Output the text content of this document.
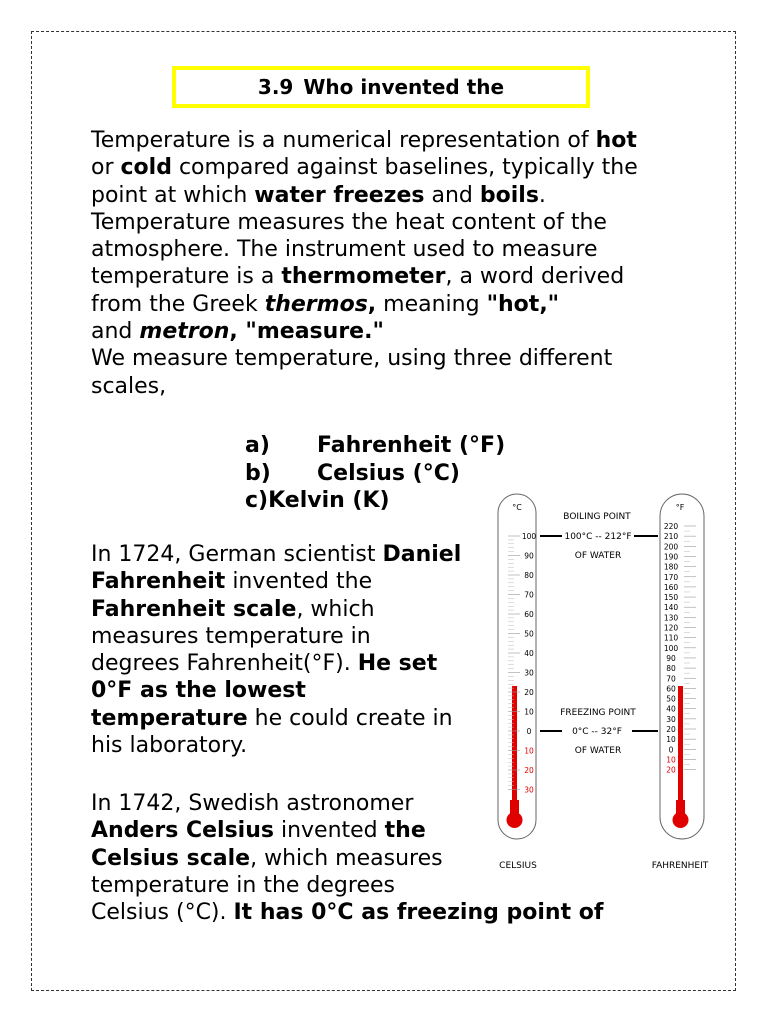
3.9 Who invented the
Temperature is a numerical representation of hot
or cold compared against baselines, typically the
point at which water freezes and boils.
Temperature measures the heat content of the
atmosphere. The instrument used to measure
temperature is a thermometer, a word derived
from the Greek thermos, meaning "hot,"
and metron, "measure."
We measure temperature, using three different
scales,
a)	Fahrenheit (°F)
b)	Celsius (°C)
c) Kelvin (K)
In 1724, German scientist Daniel
Fahrenheit invented the
Fahrenheit scale, which
measures temperature in
degrees Fahrenheit(°F). He set
0°F as the lowest
temperature he could create in
his laboratory.
In 1742, Swedish astronomer
Anders Celsius invented the
Celsius scale, which measures
temperature in the degrees
Celsius (°C). It has 0°C as freezing point of
°C
100
90
80
70
60
50
40
30
20
10
0
10
20
30
°F
220
210
200
190
180
170
160
150
140
130
120
110
100
90
80
70
60
50
40
30
20
10
0
10
20
BOILING POINT
100°C -- 212°F
OF WATER
FREEZING POINT
0°C -- 32°F
OF WATER
CELSIUS	FAHRENHEIT
